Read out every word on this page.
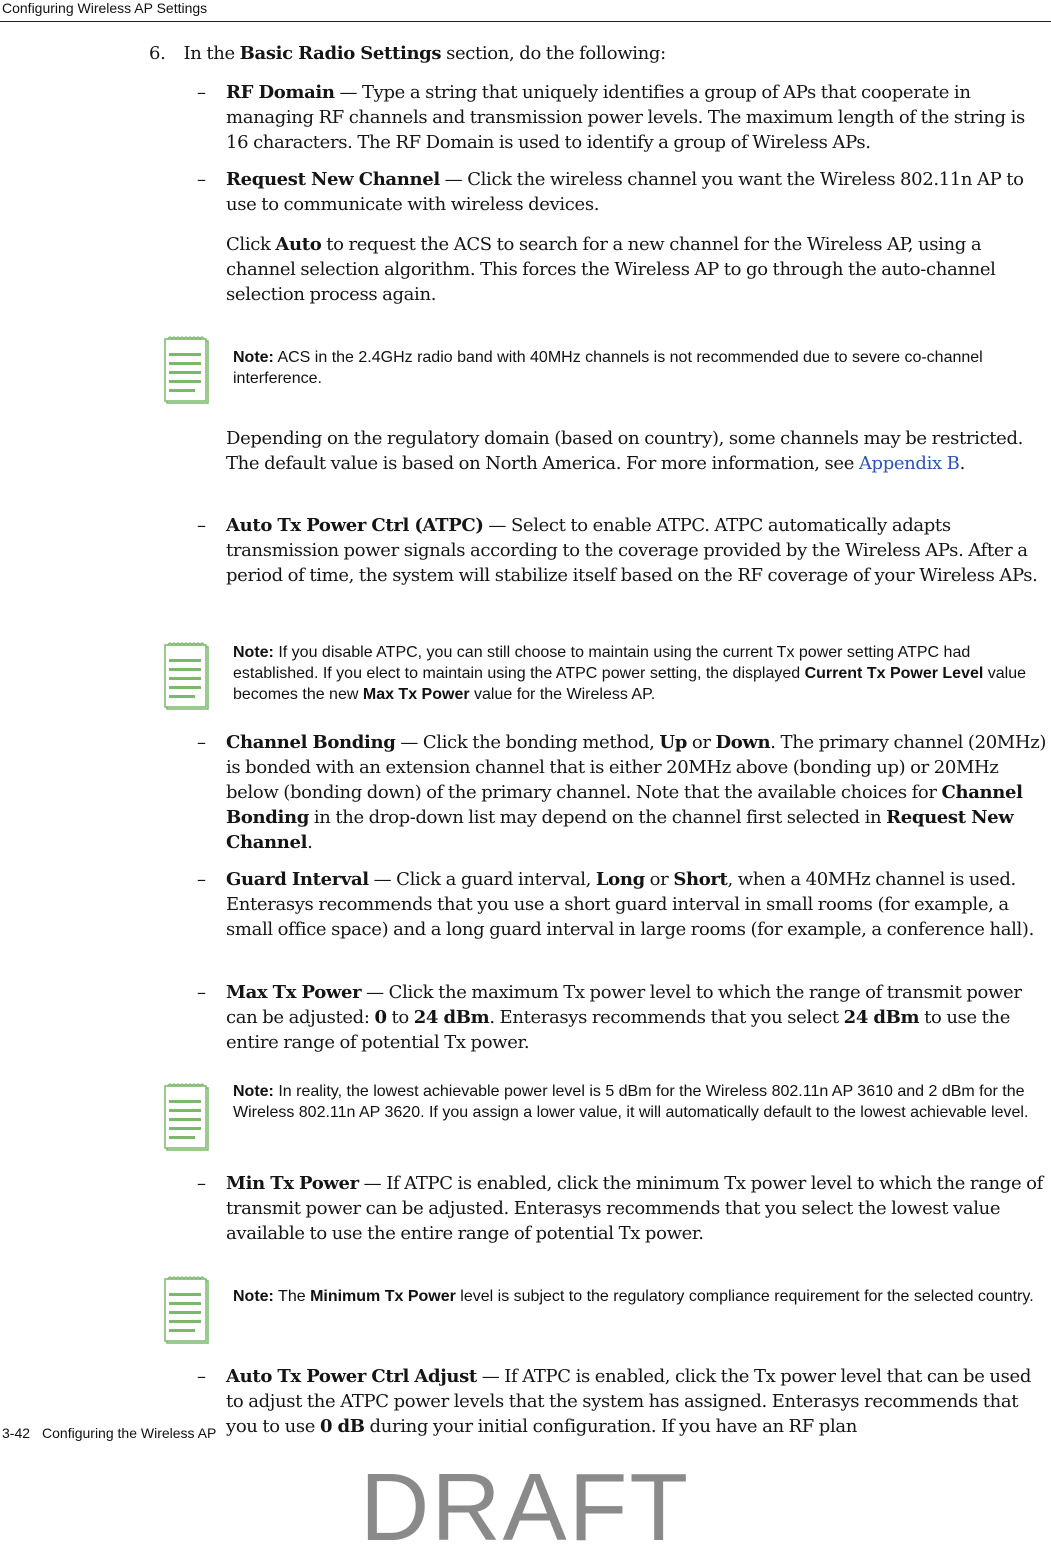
Configuring Wireless AP Settings
6. In the Basic Radio Settings section, do the following:
– RF Domain — Type a string that uniquely identifies a group of APs that cooperate in managing RF channels and transmission power levels. The maximum length of the string is 16 characters. The RF Domain is used to identify a group of Wireless APs.
– Request New Channel — Click the wireless channel you want the Wireless 802.11n AP to use to communicate with wireless devices.
Click Auto to request the ACS to search for a new channel for the Wireless AP, using a channel selection algorithm. This forces the Wireless AP to go through the auto-channel selection process again.
Note: ACS in the 2.4GHz radio band with 40MHz channels is not recommended due to severe co-channel interference.
Depending on the regulatory domain (based on country), some channels may be restricted. The default value is based on North America. For more information, see Appendix B.
– Auto Tx Power Ctrl (ATPC) — Select to enable ATPC. ATPC automatically adapts transmission power signals according to the coverage provided by the Wireless APs. After a period of time, the system will stabilize itself based on the RF coverage of your Wireless APs.
Note: If you disable ATPC, you can still choose to maintain using the current Tx power setting ATPC had established. If you elect to maintain using the ATPC power setting, the displayed Current Tx Power Level value becomes the new Max Tx Power value for the Wireless AP.
– Channel Bonding — Click the bonding method, Up or Down. The primary channel (20MHz) is bonded with an extension channel that is either 20MHz above (bonding up) or 20MHz below (bonding down) of the primary channel. Note that the available choices for Channel Bonding in the drop-down list may depend on the channel first selected in Request New Channel.
– Guard Interval — Click a guard interval, Long or Short, when a 40MHz channel is used. Enterasys recommends that you use a short guard interval in small rooms (for example, a small office space) and a long guard interval in large rooms (for example, a conference hall).
– Max Tx Power — Click the maximum Tx power level to which the range of transmit power can be adjusted: 0 to 24 dBm. Enterasys recommends that you select 24 dBm to use the entire range of potential Tx power.
Note: In reality, the lowest achievable power level is 5 dBm for the Wireless 802.11n AP 3610 and 2 dBm for the Wireless 802.11n AP 3620. If you assign a lower value, it will automatically default to the lowest achievable level.
– Min Tx Power — If ATPC is enabled, click the minimum Tx power level to which the range of transmit power can be adjusted. Enterasys recommends that you select the lowest value available to use the entire range of potential Tx power.
Note: The Minimum Tx Power level is subject to the regulatory compliance requirement for the selected country.
– Auto Tx Power Ctrl Adjust — If ATPC is enabled, click the Tx power level that can be used to adjust the ATPC power levels that the system has assigned. Enterasys recommends that you to use 0 dB during your initial configuration. If you have an RF plan
3-42 Configuring the Wireless AP
DRAFT
